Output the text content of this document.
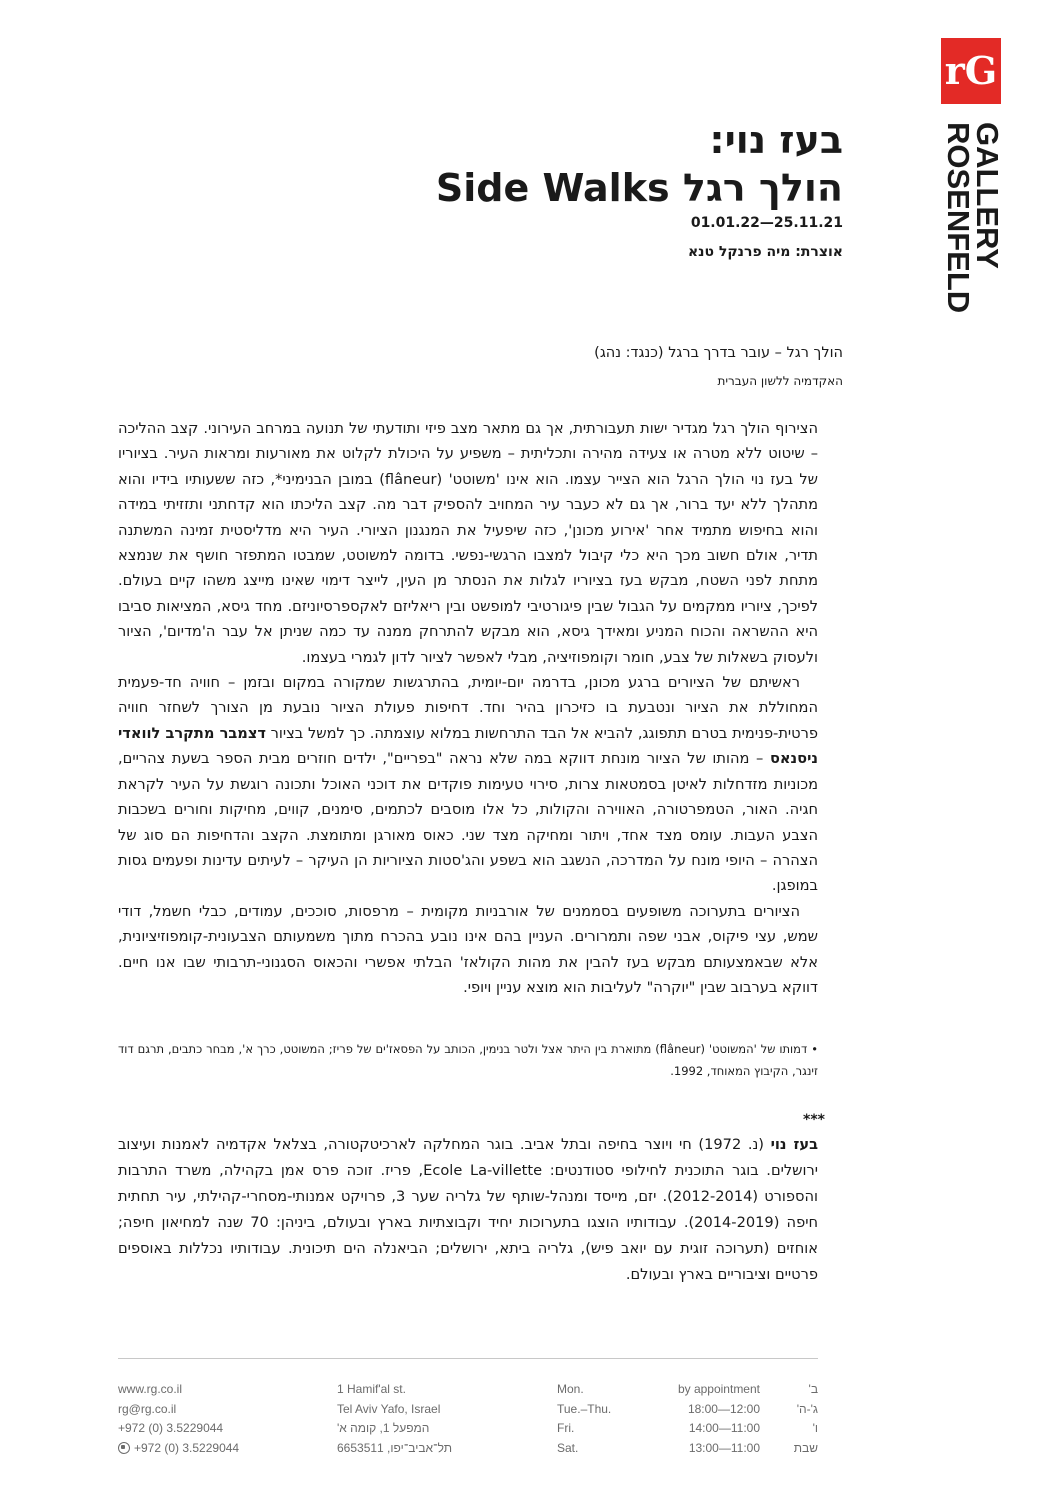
rG
ROSENFELD
GALLERY
בעז נוי:
הולך רגל Side Walks
01.01.22—25.11.21
אוצרת: מיה פרנקל טנא
הולך רגל – עובר בדרך ברגל (כנגד: נהג)
האקדמיה ללשון העברית

הצירוף הולך רגל מגדיר ישות תעבורתית, אך גם מתאר מצב פיזי ותודעתי של תנועה במרחב העירוני. קצב ההליכה – שיטוט ללא מטרה או צעידה מהירה ותכליתית – משפיע על היכולת לקלוט את מאורעות ומראות העיר. בציוריו של בעז נוי הולך הרגל הוא הצייר עצמו. הוא אינו 'משוטט' (flâneur) במובן הבנימיני*, כזה ששעותיו בידיו והוא מתהלך ללא יעד ברור, אך גם לא כעבר עיר המחויב להספיק דבר מה. קצב הליכתו הוא קדחתני ותזזיתי במידה והוא בחיפוש מתמיד אחר 'אירוע מכונן', כזה שיפעיל את המנגנון הציורי. העיר היא מדליסטית זמינה המשתנה תדיר, אולם חשוב מכך היא כלי קיבול למצבו הרגשי-נפשי. בדומה למשוטט, שמבטו המתפזר חושף את שנמצא מתחת לפני השטח, מבקש בעז בציוריו לגלות את הנסתר מן העין, לייצר דימוי שאינו מייצג משהו קיים בעולם. לפיכך, ציוריו ממקמים על הגבול שבין פיגורטיבי למופשט ובין ריאליזם לאקספרסיוניזם. מחד גיסא, המציאות סביבו היא ההשראה והכוח המניע ומאידך גיסא, הוא מבקש להתרחק ממנה עד כמה שניתן אל עבר ה'מדיום', הציור ולעסוק בשאלות של צבע, חומר וקומפוזיציה, מבלי לאפשר לציור לדון לגמרי בעצמו.

ראשיתם של הציורים ברגע מכונן, בדרמה יום-יומית, בהתרגשות שמקורה במקום ובזמן – חוויה חד-פעמית המחוללת את הציור ונטבעת בו כזיכרון בהיר וחד. דחיפות פעולת הציור נובעת מן הצורך לשחזר חוויה פרטית-פנימית בטרם תתפוגג, להביא אל הבד התרחשות במלוא עוצמתה. כך למשל בציור דצמבר מתקרב לוואדי ניסנאס – מהותו של הציור מונחת דווקא במה שלא נראה "בפריים", ילדים חוזרים מבית הספר בשעת צהריים, מכוניות מזדחלות לאיטן בסמטאות צרות, סירוי טעימות פוקדים את דוכני האוכל ותכונה רוגשת על העיר לקראת חגיה. האור, הטמפרטורה, האווירה והקולות, כל אלו מוסבים לכתמים, סימנים, קווים, מחיקות וחורים בשכבות הצבע העבות. עומס מצד אחד, ויתור ומחיקה מצד שני. כאוס מאורגן ומתומצת. הקצב והדחיפות הם סוג של הצהרה – היופי מונח על המדרכה, הנשגב הוא בשפע והג'סטות הציוריות הן העיקר – לעיתים עדינות ופעמים גסות במופגן.

הציורים בתערוכה משופעים בסממנים של אורבניות מקומית – מרפסות, סוככים, עמודים, כבלי חשמל, דודי שמש, עצי פיקוס, אבני שפה ותמרורים. העניין בהם אינו נובע בהכרח מתוך משמעותם הצבעונית-קומפוזיציונית, אלא שבאמצעותם מבקש בעז להבין את מהות הקולאז' הבלתי אפשרי והכאוס הסגנוני-תרבותי שבו אנו חיים. דווקא בערבוב שבין "יוקרה" לעליבות הוא מוצא עניין ויופי.

• דמותו של 'המשוטט' (flâneur) מתוארת בין היתר אצל ולטר בנימין, הכותב על הפסאז'ים של פריז; המשוטט, כרך א', מבחר כתבים, תרגם דוד זינגר, הקיבוץ המאוחד, 1992.
***
בעז נוי (נ. 1972) חי ויוצר בחיפה ובתל אביב. בוגר המחלקה לארכיטקטורה, בצלאל אקדמיה לאמנות ועיצוב ירושלים. בוגר התוכנית לחילופי סטודנטים: Ecole La-villette, פריז. זוכה פרס אמן בקהילה, משרד התרבות והספורט (2012-2014). יזם, מייסד ומנהל-שותף של גלריה שער 3, פרויקט אמנותי-מסחרי-קהילתי, עיר תחתית חיפה (2014-2019). עבודותיו הוצגו בתערוכות יחיד וקבוצתיות בארץ ובעולם, ביניהן: 70 שנה למחיאון חיפה; אוחזים (תערוכה זוגית עם יואב פיש), גלריה ביתא, ירושלים; הביאנלה הים תיכונית. עבודותיו נכללות באוספים פרטיים וציבוריים בארץ ובעולם.
www.rg.co.il
rg@rg.co.il
+972 (0) 3.5229044
+972 (0) 3.5229044
1 Hamif'al st.
Tel Aviv Yafo, Israel
המפעל 1, קומה א'
תל־אביב־יפו, 6653511
Mon.
Tue.–Thu.
Fri.
Sat.
by appointment
18:00—12:00
14:00—11:00
13:00—11:00
ב'
ג'-ה'
ו'
שבת
